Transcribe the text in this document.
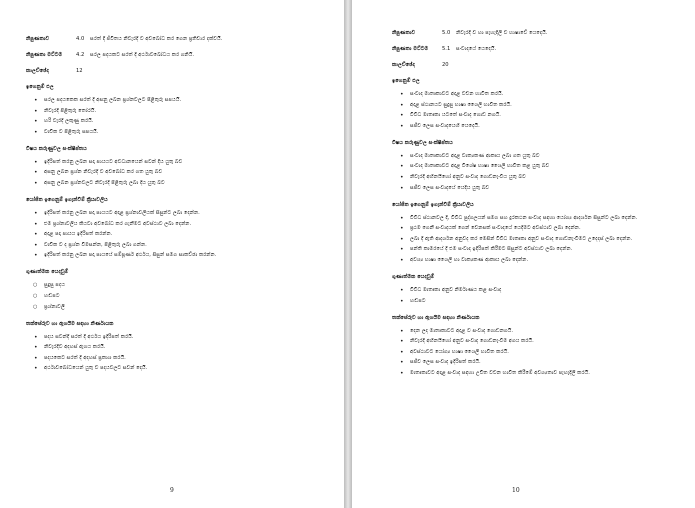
නිපුණතාව	4.0	සරත් දී ජිවිතය නිවැරදි ව අවබෝධ කර ගෙන ප්‍රතිචාර දක්වයි.
නිපුණතා මට්ටම	4.2	සරල පදයකට සරත් දී අර්ථාවබෝධය කර ගනියි.
කාලච්ඡේද	12
ඉගෙනුම් ඵල
• සරල පදයකෙක සරත් දී අසනු ලබන ප්‍රශ්නවලට පිළිතුරු සපයයි.
• නිවැරදි පිළිතුරු තෝරයි.
• හරි වැරදි ලකුණු කරයි.
• වාචික ව පිළිතුරු සපයයි.
විෂය කරුණුවල සංක්ෂිප්තය
• ඉදිරිපත් කරනු ලබන සදා පායයට අවධානයෙන් සවන් දීය යුතු බව
• අසනු ලබන ප්‍රශ්න නිවැරදි ව අවබෝධ කර ගත යුතු බව
• අසනු ලබන ප්‍රශ්නවලට නිවැරදි පිළිතුරු ලබා දිය යුතු බව
යෝජිත ඉගෙනුම් ඉගැන්වීම් ක්‍රියාවලිය
• ඉදිරිපත් කරනු ලබන පදා පායයට අදාළ ප්‍රශ්නාවලියක් සිසුන්ට ලබා දෙන්න.
• එම ප්‍රශ්නාවලිය කියවා අවබෝධ කර ගැනීමට අවස්ථාව ලබා දෙන්න.
• අදාළ පදා පායය ඉදිරිපත් කරන්න.
• වාචික ව ද ප්‍රශ්න විමසන්න, පිළිතුරු ලබා ගන්න.
• ඉදිරිපත් කරනු ලබන පදා පායයේ සම්පූර්ණ අර්ථය, සිසුන් සමග සාකච්ඡා කරන්න.
ගුණාත්මක යෙදවුම්
○ සුදුසු පදය
○ හඬපට
○ ප්‍රශ්නාවලී
තක්සේරුව හා ඇගයීම සඳහා නිර්ණායක
• පදය සවන්දී සරත් දී අර්ථය ඉදිරිපත් කරයි.
• නිවැරදිව අදහස් ඇගය කරයි.
• පදයකෙට සරත් දී අදහස් ප්‍රකාශ කරයි.
• අර්ථාවබෝධයෙන් යුතු ව පදයවලට සවන් දෙයි.
9
නිපුණතාව	5.0	නිවැරදි ව හා පැහැදිලි ව භාෂාවේ යෙදෙයි.
නිපුණතා මට්ටම	5.1	සංවාදයේ යෙදෙයි.
කාලච්ඡේද	20
ඉගෙනුම් ඵල
• සංවාද මාතෘකාවට අදාළ වචන භාවිත කරයි.
• අදාළ ස්ථානයට සුදුසු භාෂා ශෛලී භාවිත කරයි.
• විවිධ මාතෘකා යටතේ සංවාද ගොඩ නගයි.
• සජීව ලෙස සංවාදයෙහි යෙදෙයි.
විෂය කරුණුවල සංක්ෂිප්තය
• සංවාද මාතෘකාවට අදාළ වාක්‍යකණ ආකෘය ලබා ගත යුතු බව
• සංවාද මාතෘකාවට අදාළ විශේෂ භාෂා ශෛලී භාවිත කළ යුතු බව
• නිවැරදි අභිනයීහෝ අනුව සංවාද ගොඩනැංවීය යුතු බව
• සජීව ලෙස සංවාදයේ යෙදීය යුතු බව
යෝජිත ඉගෙනුම් ඉගැන්වීම් ක්‍රියාවලිය
• විවිධ ස්ථානවල දී, විවිධ පුද්ගලයන් සමග සහ දුරකථන සංවාද සඳහා යෝග්‍ය ආදර්ශන සිසුන්ට ලබා දෙන්න.
• ප්‍රථම ගෙනී සංවාදයක් ගෙන් වෙනසක් සංවාදයේ යෙදීමට අවස්ථාව ලබා දෙන්න.
• ලබා දී ඇති ආදර්ශන අනුවද කර මෙසින් විවිධ මාතෘකා අනුව සංවාද ගොඩනැංවීමට උදෙදස් ලබා දෙන්න.
• පන්ති කාමරයේ දී එම සංවාද ඉදිරිපත් කිරීමට සිසුන්ට අවස්ථාව ලබා දෙන්න.
• අවශ්‍ය භාෂා ශෛලී හා වාක්‍යකණ ආකෘය ලබා දෙන්න.
ගුණාත්මක යෙදවුම්
• විවිධ මාතෘකා අනුව නිර්මාණය කළ සංවාද
• හඬපට
තක්සේරුව හා ඇගයීම සඳහා නිර්ණායක
• දෙන ලද මාතෘකාවට අදාළ ව සංවාද ගොඩනගයි.
• නිවැරදි අභිනයීහෝ අනුව සංවාද ගොඩනැංවීම අගය කරයි.
• අවස්ථාවට යෝග්‍ය භාෂා ශෛලී භාවිත කරයි.
• සජීව ලෙස සංවාද ඉදිරිපත් කරයි.
• මාතෘකාවට අදාළ සංවාද සඳහා උචිත වචන භාවිත කිරීමේ අවශ්‍යතාව පැහැදිලි කරයි.
10
